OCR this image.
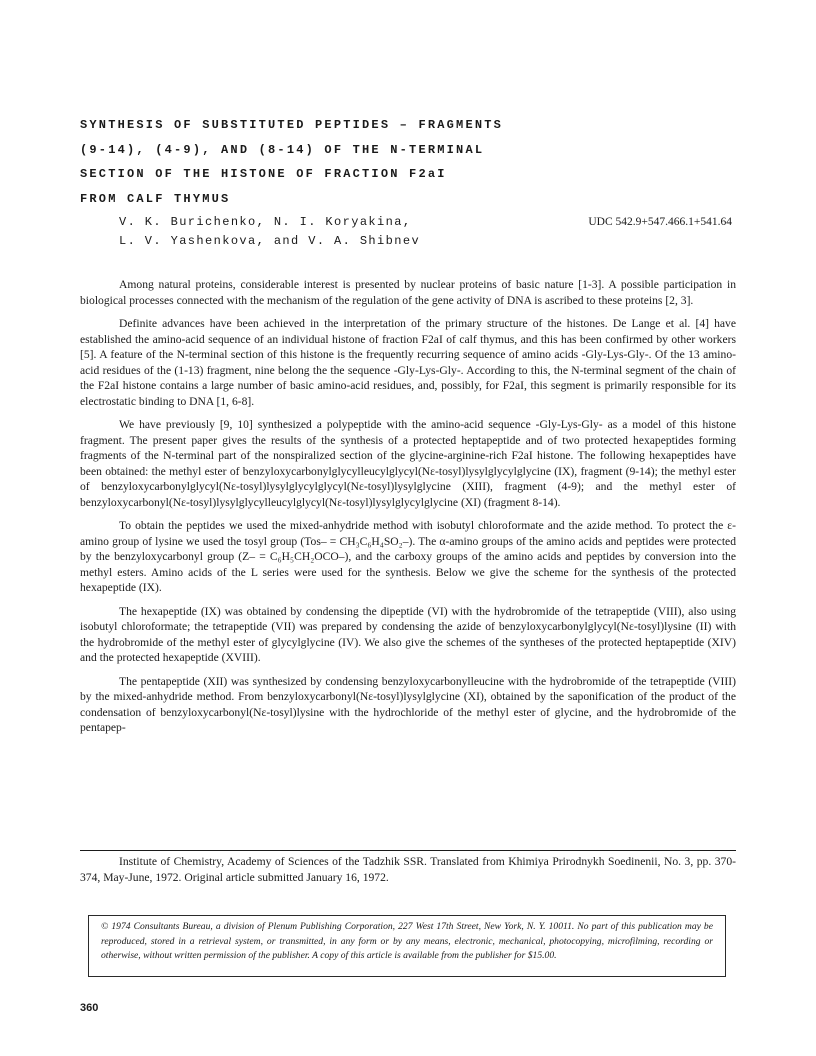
SYNTHESIS OF SUBSTITUTED PEPTIDES – FRAGMENTS
(9-14), (4-9), AND (8-14) OF THE N-TERMINAL
SECTION OF THE HISTONE OF FRACTION F2aI
FROM CALF THYMUS
V. K. Burichenko, N. I. Koryakina,
L. V. Yashenkova, and V. A. Shibnev
UDC 542.9+547.466.1+541.64

Among natural proteins, considerable interest is presented by nuclear proteins of basic nature [1-3]. A possible participation in biological processes connected with the mechanism of the regulation of the gene activity of DNA is ascribed to these proteins [2, 3].

Definite advances have been achieved in the interpretation of the primary structure of the histones. De Lange et al. [4] have established the amino-acid sequence of an individual histone of fraction F2aI of calf thymus, and this has been confirmed by other workers [5]. A feature of the N-terminal section of this histone is the frequently recurring sequence of amino acids -Gly-Lys-Gly-. Of the 13 amino-acid residues of the (1-13) fragment, nine belong the the sequence -Gly-Lys-Gly-. According to this, the N-terminal segment of the chain of the F2aI histone contains a large number of basic amino-acid residues, and, possibly, for F2aI, this segment is primarily responsible for its electrostatic binding to DNA [1, 6-8].

We have previously [9, 10] synthesized a polypeptide with the amino-acid sequence -Gly-Lys-Gly- as a model of this histone fragment. The present paper gives the results of the synthesis of a protected heptapeptide and of two protected hexapeptides forming fragments of the N-terminal part of the nonspiralized section of the glycine-arginine-rich F2aI histone. The following hexapeptides have been obtained: the methyl ester of benzyloxycarbonylglycylleucylglycyl(Nε-tosyl)lysylglycylglycine (IX), fragment (9-14); the methyl ester of benzyloxycarbonylglycyl(Nε-tosyl)lysylglycylglycyl(Nε-tosyl)lysylglycine (XIII), fragment (4-9); and the methyl ester of benzyloxycarbonyl(Nε-tosyl)lysylglycylleucylglycyl(Nε-tosyl)lysylglycylglycine (XI) (fragment 8-14).

To obtain the peptides we used the mixed-anhydride method with isobutyl chloroformate and the azide method. To protect the ε-amino group of lysine we used the tosyl group (Tos– = CH₃C₆H₄SO₂–). The α-amino groups of the amino acids and peptides were protected by the benzyloxycarbonyl group (Z– = C₆H₅CH₂OCO–), and the carboxy groups of the amino acids and peptides by conversion into the methyl esters. Amino acids of the L series were used for the synthesis. Below we give the scheme for the synthesis of the protected hexapeptide (IX).

The hexapeptide (IX) was obtained by condensing the dipeptide (VI) with the hydrobromide of the tetrapeptide (VIII), also using isobutyl chloroformate; the tetrapeptide (VII) was prepared by condensing the azide of benzyloxycarbonylglycyl(Nε-tosyl)lysine (II) with the hydrobromide of the methyl ester of glycylglycine (IV). We also give the schemes of the syntheses of the protected heptapeptide (XIV) and the protected hexapeptide (XVIII).

The pentapeptide (XII) was synthesized by condensing benzyloxycarbonylleucine with the hydrobromide of the tetrapeptide (VIII) by the mixed-anhydride method. From benzyloxycarbonyl(Nε-tosyl)lysylglycine (XI), obtained by the saponification of the product of the condensation of benzyloxycarbonyl(Nε-tosyl)lysine with the hydrochloride of the methyl ester of glycine, and the hydrobromide of the pentapep-

Institute of Chemistry, Academy of Sciences of the Tadzhik SSR. Translated from Khimiya Prirodnykh Soedinenii, No. 3, pp. 370-374, May-June, 1972. Original article submitted January 16, 1972.
© 1974 Consultants Bureau, a division of Plenum Publishing Corporation, 227 West 17th Street, New York, N. Y. 10011. No part of this publication may be reproduced, stored in a retrieval system, or transmitted, in any form or by any means, electronic, mechanical, photocopying, microfilming, recording or otherwise, without written permission of the publisher. A copy of this article is available from the publisher for $15.00.
360
